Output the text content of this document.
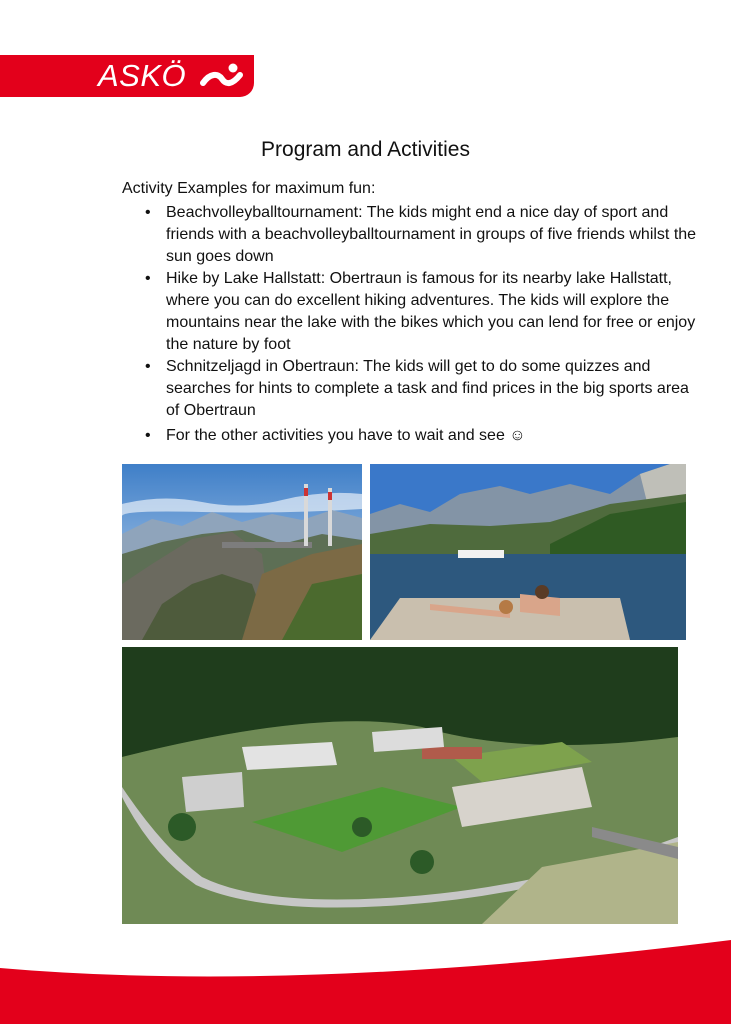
ASKÖ
Program and Activities

Activity Examples for maximum fun:

• Beachvolleyballtournament: The kids might end a nice day of sport and friends with a beachvolleyballtournament in groups of five friends whilst the sun goes down
• Hike by Lake Hallstatt: Obertraun is famous for its nearby lake Hallstatt, where you can do excellent hiking adventures. The kids will explore the mountains near the lake with the bikes which you can lend for free or enjoy the nature by foot
• Schnitzeljagd in Obertraun: The kids will get to do some quizzes and searches for hints to complete a task and find prices in the big sports area of Obertraun
• For the other activities you have to wait and see ☺
